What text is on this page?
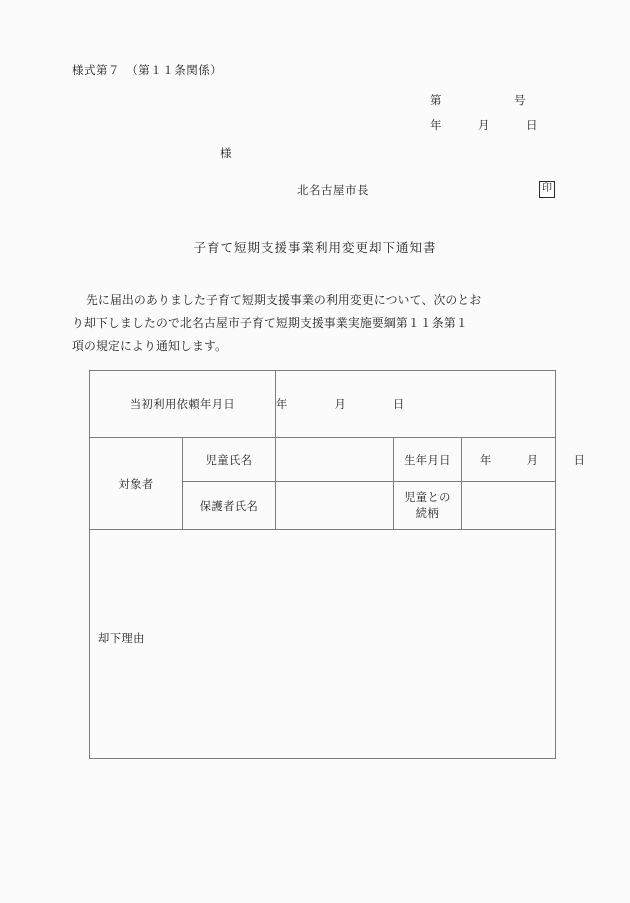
様式第７　（第１１条関係）
第　　　　　　号
年　　　月　　　日
様
北名古屋市長	印
子育て短期支援事業利用変更却下通知書
先に届出のありました子育て短期支援事業の利用変更について、次のとお
り却下しましたので北名古屋市子育て短期支援事業実施要綱第１１条第１
項の規定により通知します。
当初利用依頼年月日		年　　　　月　　　　日		
対象者	児童氏名		生年月日	年　　　月　　　日
	保護者氏名		児童との
続柄	

却下理由				
